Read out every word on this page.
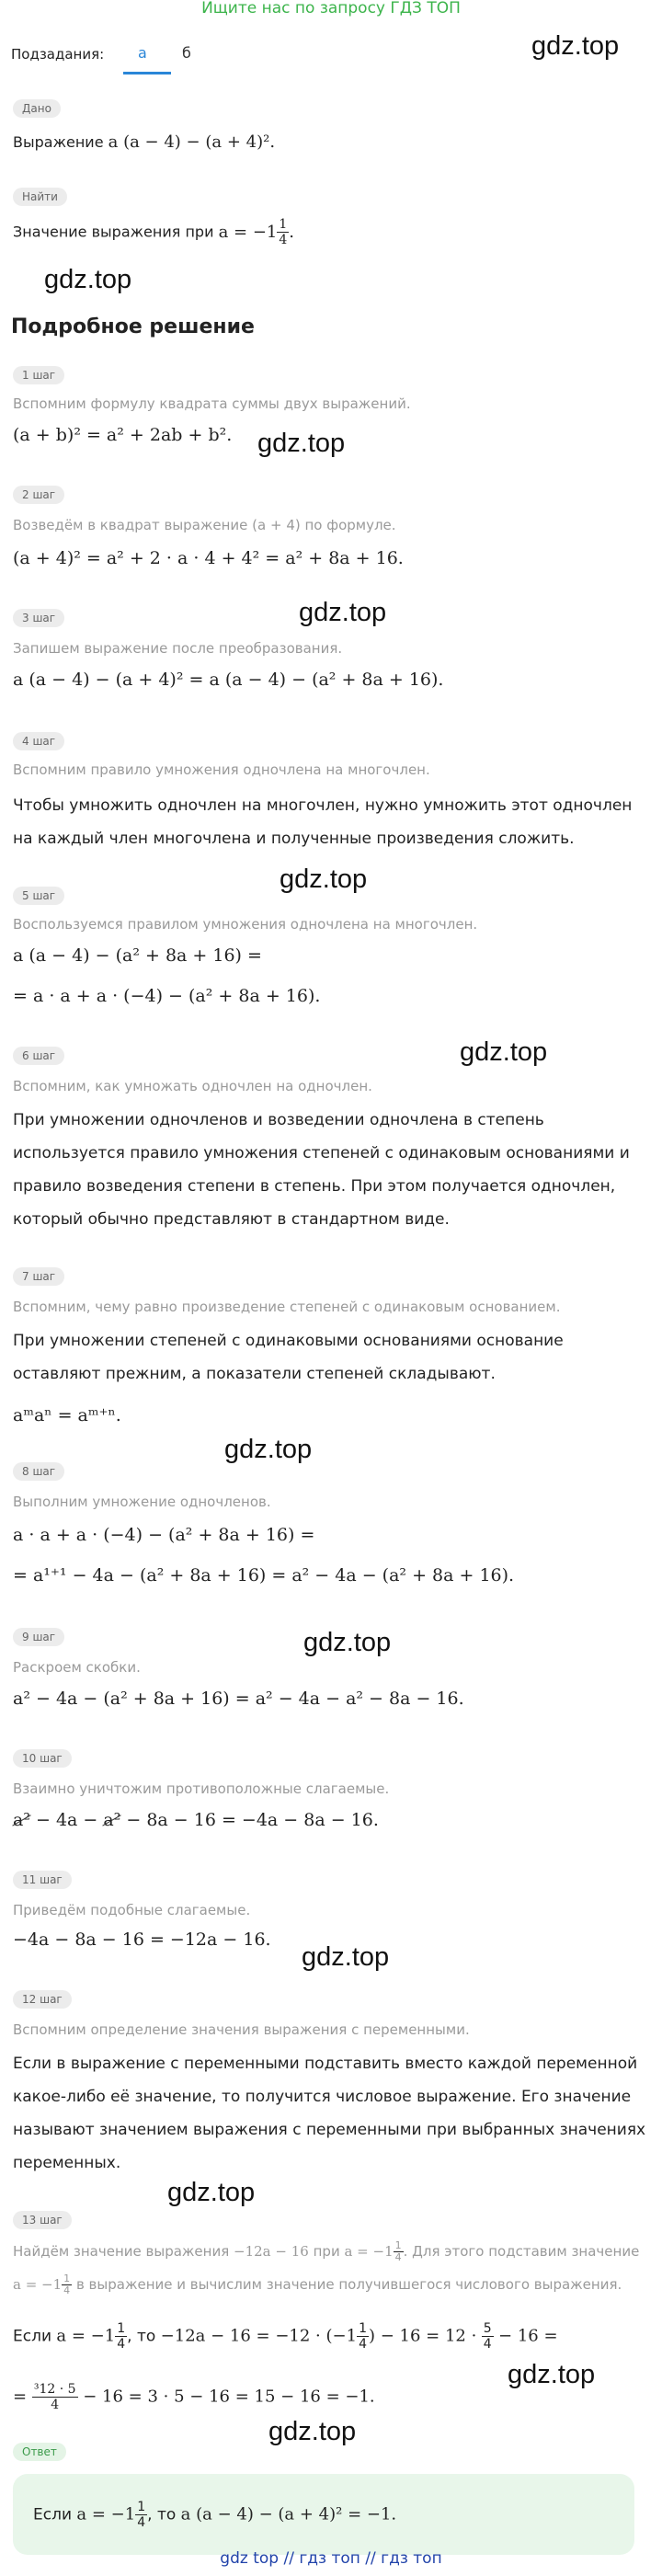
Ищите нас по запросу ГДЗ ТОП
Подзадания: а б	gdz.top
Дано
Выражение a (a − 4) − (a + 4)².
Найти
Значение выражения при $a = -1 \frac{1}{4}$ .
gdz.top
Подробное решение
1 шаг
Вспомним формулу квадрата суммы двух выражений.
(a + b)² = a² + 2ab + b². gdz.top
2 шаг
Возведём в квадрат выражение (a + 4) по формуле.
(a + 4)² = a² + 2 · a · 4 + 4² = a² + 8a + 16.
gdz.top
3 шаг
Запишем выражение после преобразования.
a (a − 4) − (a + 4)² = a (a − 4) − (a² + 8a + 16).
4 шаг
Вспомним правило умножения одночлена на многочлен.
Чтобы умножить одночлен на многочлен, нужно умножить этот одночлен на каждый член многочлена и полученные произведения сложить.
gdz.top
5 шаг
Воспользуемся правилом умножения одночлена на многочлен.
a (a − 4) − (a² + 8a + 16) =
= a · a + a · (−4) − (a² + 8a + 16).
gdz.top
6 шаг
Вспомним, как умножать одночлен на одночлен.
При умножении одночленов и возведении одночлена в степень используется правило умножения степеней с одинаковым основаниями и правило возведения степени в степень. При этом получается одночлен, который обычно представляют в стандартном виде.
7 шаг
Вспомним, чему равно произведение степеней с одинаковым основанием.
При умножении степеней с одинаковыми основаниями основание оставляют прежним, а показатели степеней складывают.
aᵐaⁿ = aᵐ⁺ⁿ.
gdz.top
8 шаг
Выполним умножение одночленов.
a · a + a · (−4) − (a² + 8a + 16) =
= a¹⁺¹ − 4a − (a² + 8a + 16) = a² − 4a − (a² + 8a + 16).
gdz.top
9 шаг
Раскроем скобки.
a² − 4a − (a² + 8a + 16) = a² − 4a − a² − 8a − 16.
10 шаг
Взаимно уничтожим противоположные слагаемые.
a² − 4a − a² − 8a − 16 = −4a − 8a − 16.
11 шаг
Приведём подобные слагаемые.
−4a − 8a − 16 = −12a − 16.
gdz.top
12 шаг
Вспомним определение значения выражения с переменными.
Если в выражение с переменными подставить вместо каждой переменной какое-либо её значение, то получится числовое выражение. Его значение называют значением выражения с переменными при выбранных значениях переменных.
gdz.top
13 шаг
Найдём значение выражения −12a − 16 при $a = -1 \frac{1}{4}$ . Для этого подставим значение
$a = -1 \frac{1}{4}$ в выражение и вычислим значение получившегося числового выражения.
Если $a = -1 \frac{1}{4}$ , то $-12a - 16 = -12 \cdot (-1 \frac{1}{4}$ ) − $16 = 12 \cdot \frac{5}{4} - 16$ =
= $\frac{\text{³12 · 5}}{4} - 16 = 3 \cdot 5 - 16 = 15 - 16 = -1$.
gdz.top
gdz.top
Ответ
Если $a = -1 \frac{1}{4}$ , то a (a − 4) − (a + 4)² = −1.
gdz top // гдз топ // гдз топ
